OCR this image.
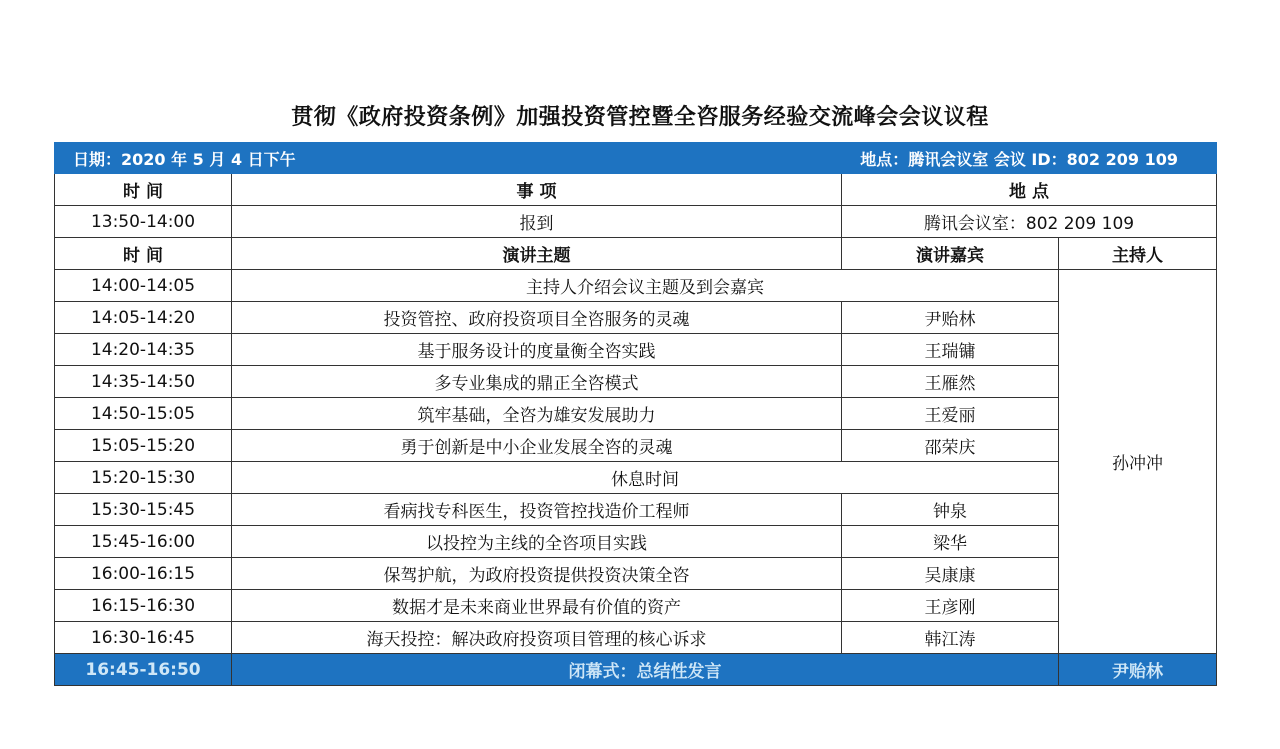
贯彻《政府投资条例》加强投资管控暨全咨服务经验交流峰会会议议程
日期：2020 年 5 月 4 日下午		地点：腾讯会议室 会议 ID：802 209 109	
时 间	事 项	地 点	
13:50-14:00	报到	腾讯会议室：802 209 109	
时 间	演讲主题	演讲嘉宾	主持人
14:00-14:05	主持人介绍会议主题及到会嘉宾		孙冲冲
14:05-14:20	投资管控、政府投资项目全咨服务的灵魂	尹贻林	
14:20-14:35	基于服务设计的度量衡全咨实践	王瑞镛	
14:35-14:50	多专业集成的鼎正全咨模式	王雁然	
14:50-15:05	筑牢基础，全咨为雄安发展助力	王爱丽	
15:05-15:20	勇于创新是中小企业发展全咨的灵魂	邵荣庆	
15:20-15:30	休息时间		
15:30-15:45	看病找专科医生，投资管控找造价工程师	钟泉	
15:45-16:00	以投控为主线的全咨项目实践	梁华	
16:00-16:15	保驾护航，为政府投资提供投资决策全咨	吴康康	
16:15-16:30	数据才是未来商业世界最有价值的资产	王彦刚	
16:30-16:45	海天投控：解决政府投资项目管理的核心诉求	韩江涛	
16:45-16:50	闭幕式：总结性发言		尹贻林
